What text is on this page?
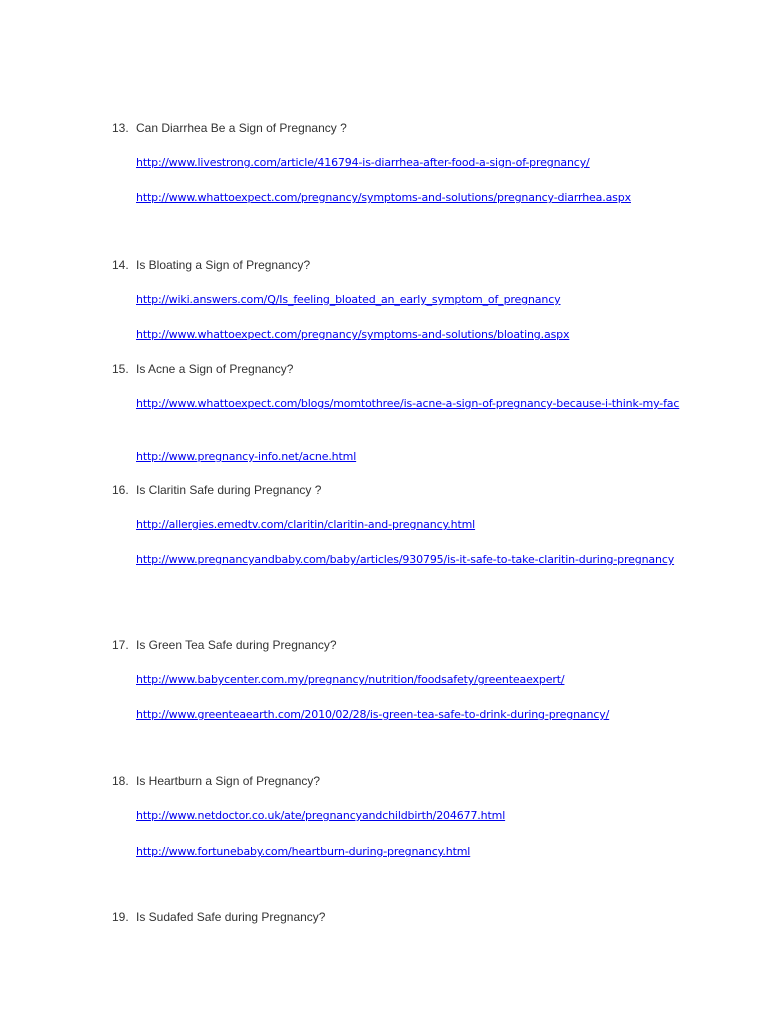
13. Can Diarrhea Be a Sign of Pregnancy ?
http://www.livestrong.com/article/416794-is-diarrhea-after-food-a-sign-of-pregnancy/
http://www.whattoexpect.com/pregnancy/symptoms-and-solutions/pregnancy-diarrhea.aspx
14. Is Bloating a Sign of Pregnancy?
http://wiki.answers.com/Q/Is_feeling_bloated_an_early_symptom_of_pregnancy
http://www.whattoexpect.com/pregnancy/symptoms-and-solutions/bloating.aspx
15. Is Acne a Sign of Pregnancy?
http://www.whattoexpect.com/blogs/momtothree/is-acne-a-sign-of-pregnancy-because-i-think-my-fac
http://www.pregnancy-info.net/acne.html
16. Is Claritin Safe during Pregnancy ?
http://allergies.emedtv.com/claritin/claritin-and-pregnancy.html
http://www.pregnancyandbaby.com/baby/articles/930795/is-it-safe-to-take-claritin-during-pregnancy
17. Is Green Tea Safe during Pregnancy?
http://www.babycenter.com.my/pregnancy/nutrition/foodsafety/greenteaexpert/
http://www.greenteaearth.com/2010/02/28/is-green-tea-safe-to-drink-during-pregnancy/
18. Is Heartburn a Sign of Pregnancy?
http://www.netdoctor.co.uk/ate/pregnancyandchildbirth/204677.html
http://www.fortunebaby.com/heartburn-during-pregnancy.html
19. Is Sudafed Safe during Pregnancy?
